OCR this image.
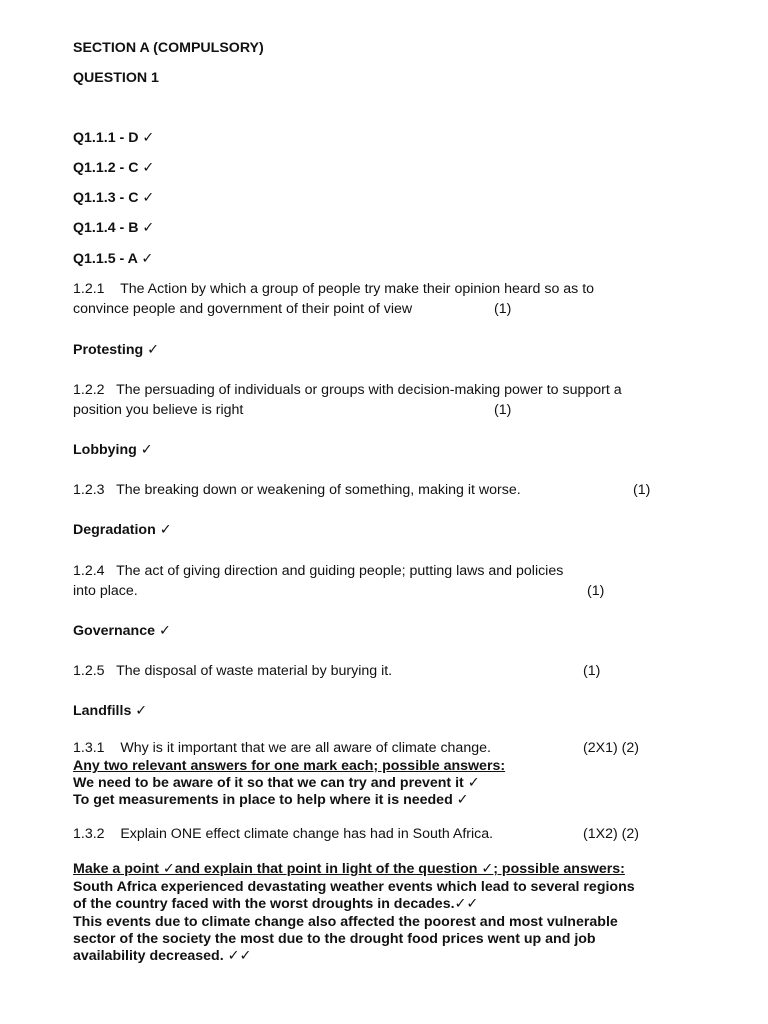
SECTION A (COMPULSORY)
QUESTION 1
Q1.1.1 - D ✓
Q1.1.2 - C ✓
Q1.1.3 - C ✓
Q1.1.4 - B ✓
Q1.1.5 - A ✓
1.2.1    The Action by which a group of people try make their opinion heard so as to
convince people and government of their point of view	(1)
Protesting ✓
1.2.2   The persuading of individuals or groups with decision-making power to support a
position you believe is right	(1)
Lobbying ✓
1.2.3   The breaking down or weakening of something, making it worse.	(1)
Degradation ✓
1.2.4   The act of giving direction and guiding people; putting laws and policies
into place.	(1)
Governance ✓
1.2.5   The disposal of waste material by burying it.	(1)
Landfills ✓
1.3.1    Why is it important that we are all aware of climate change.	(2X1) (2)
Any two relevant answers for one mark each; possible answers:
We need to be aware of it so that we can try and prevent it ✓
To get measurements in place to help where it is needed ✓
1.3.2    Explain ONE effect climate change has had in South Africa.	(1X2) (2)
Make a point ✓and explain that point in light of the question ✓; possible answers:
South Africa experienced devastating weather events which lead to several regions
of the country faced with the worst droughts in decades.✓✓
This events due to climate change also affected the poorest and most vulnerable
sector of the society the most due to the drought food prices went up and job
availability decreased. ✓✓
